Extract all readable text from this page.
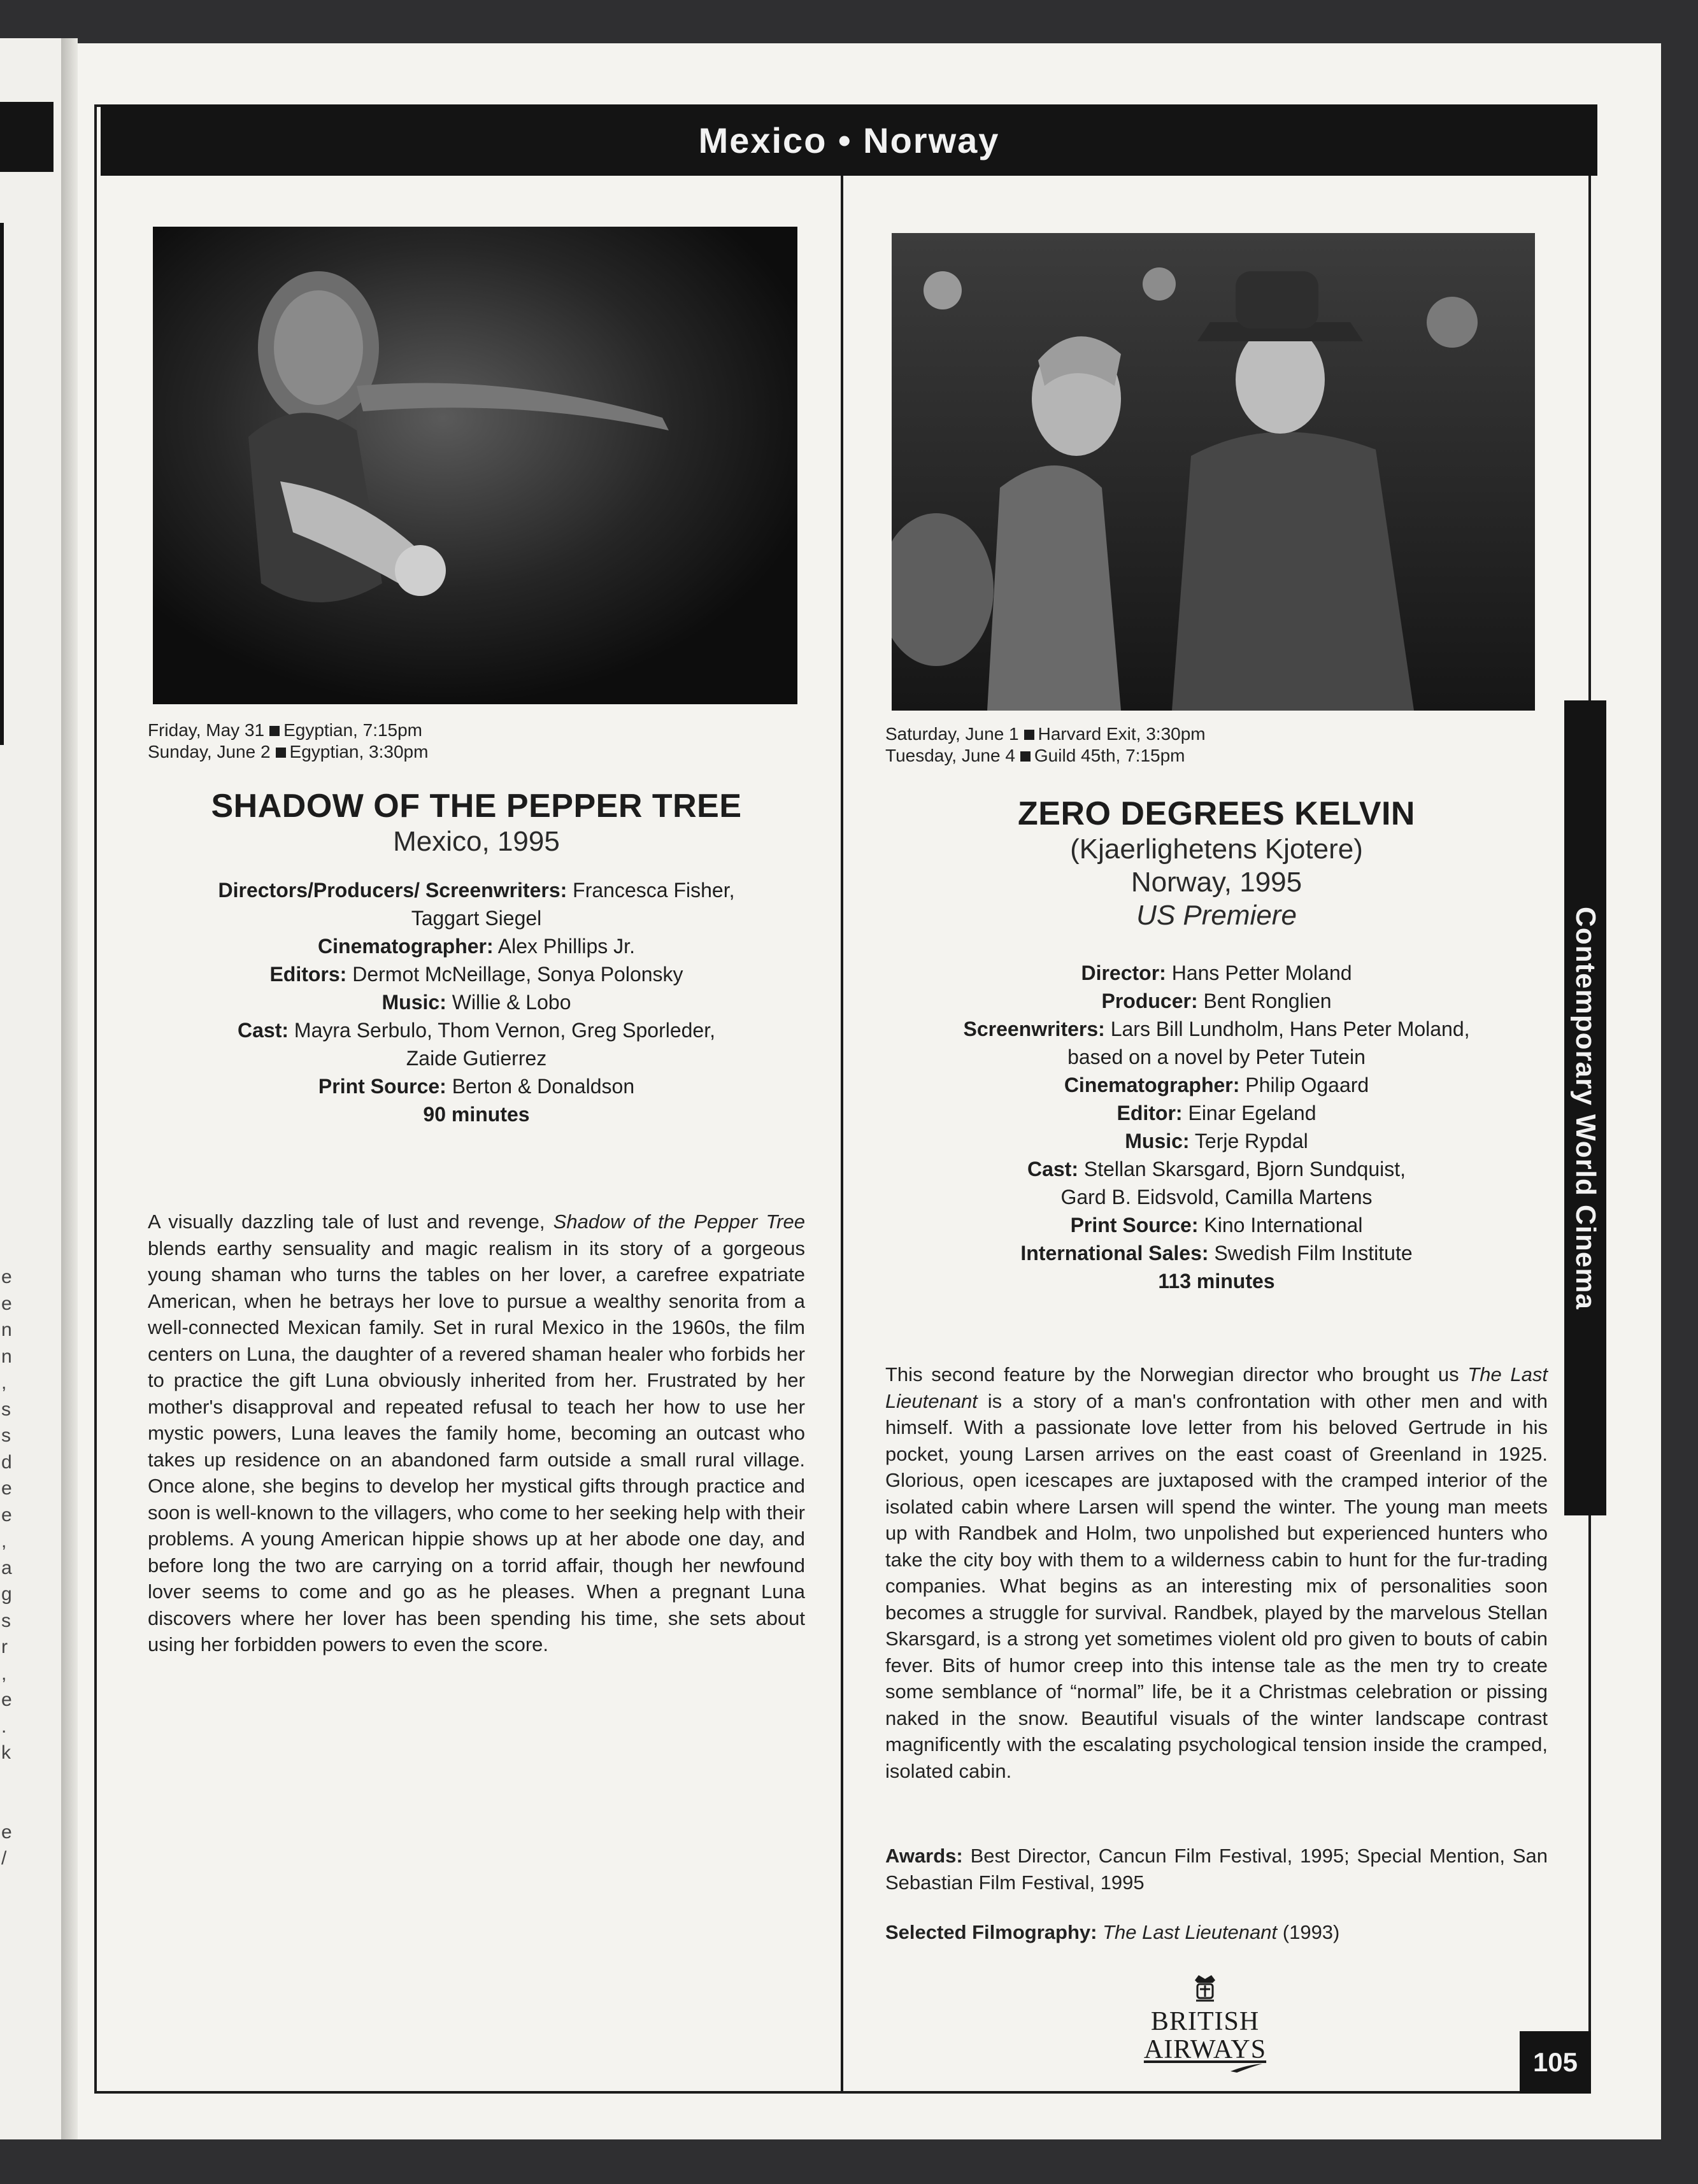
e
e
n
n
,
s
s
d
e
e
,
a
g
s
r
,
e
.
k

e
/
Mexico • Norway
Friday, May 31 Egyptian, 7:15pm
Sunday, June 2 Egyptian, 3:30pm

SHADOW OF THE PEPPER TREE

Mexico, 1995

Directors/Producers/ Screenwriters: Francesca Fisher,

Taggart Siegel

Cinematographer: Alex Phillips Jr.

Editors: Dermot McNeillage, Sonya Polonsky

Music: Willie & Lobo

Cast: Mayra Serbulo, Thom Vernon, Greg Sporleder,

Zaide Gutierrez

Print Source: Berton & Donaldson

90 minutes

A visually dazzling tale of lust and revenge, Shadow of the Pepper Tree blends earthy sensuality and magic realism in its story of a gorgeous young shaman who turns the tables on her lover, a carefree expatriate American, when he betrays her love to pursue a wealthy senorita from a well-connected Mexican family. Set in rural Mexico in the 1960s, the film centers on Luna, the daughter of a revered shaman healer who forbids her to practice the gift Luna obviously inherited from her. Frustrated by her mother's disapproval and repeated refusal to teach her how to use her mystic powers, Luna leaves the family home, becoming an outcast who takes up residence on an abandoned farm outside a small rural village. Once alone, she begins to develop her mystical gifts through practice and soon is well-known to the villagers, who come to her seeking help with their problems. A young American hippie shows up at her abode one day, and before long the two are carrying on a torrid affair, though her newfound lover seems to come and go as he pleases. When a pregnant Luna discovers where her lover has been spending his time, she sets about using her forbidden powers to even the score.

Saturday, June 1 Harvard Exit, 3:30pm
Tuesday, June 4 Guild 45th, 7:15pm

ZERO DEGREES KELVIN

(Kjaerlighetens Kjotere)

Norway, 1995

US Premiere

Director: Hans Petter Moland

Producer: Bent Ronglien

Screenwriters: Lars Bill Lundholm, Hans Peter Moland,

based on a novel by Peter Tutein

Cinematographer: Philip Ogaard

Editor: Einar Egeland

Music: Terje Rypdal

Cast: Stellan Skarsgard, Bjorn Sundquist,

Gard B. Eidsvold, Camilla Martens

Print Source: Kino International

International Sales: Swedish Film Institute

113 minutes

This second feature by the Norwegian director who brought us The Last Lieutenant is a story of a man's confrontation with other men and with himself. With a passionate love letter from his beloved Gertrude in his pocket, young Larsen arrives on the east coast of Greenland in 1925. Glorious, open icescapes are juxtaposed with the cramped interior of the isolated cabin where Larsen will spend the winter. The young man meets up with Randbek and Holm, two unpolished but experienced hunters who take the city boy with them to a wilderness cabin to hunt for the fur-trading companies. What begins as an interesting mix of personalities soon becomes a struggle for survival. Randbek, played by the marvelous Stellan Skarsgard, is a strong yet sometimes violent old pro given to bouts of cabin fever. Bits of humor creep into this intense tale as the men try to create some semblance of “normal” life, be it a Christmas celebration or pissing naked in the snow. Beautiful visuals of the winter landscape contrast magnificently with the escalating psychological tension inside the cramped, isolated cabin.

Awards: Best Director, Cancun Film Festival, 1995; Special Mention, San Sebastian Film Festival, 1995

Selected Filmography: The Last Lieutenant (1993)

Contemporary World Cinema
BRITISH
AIRWAYS	105
